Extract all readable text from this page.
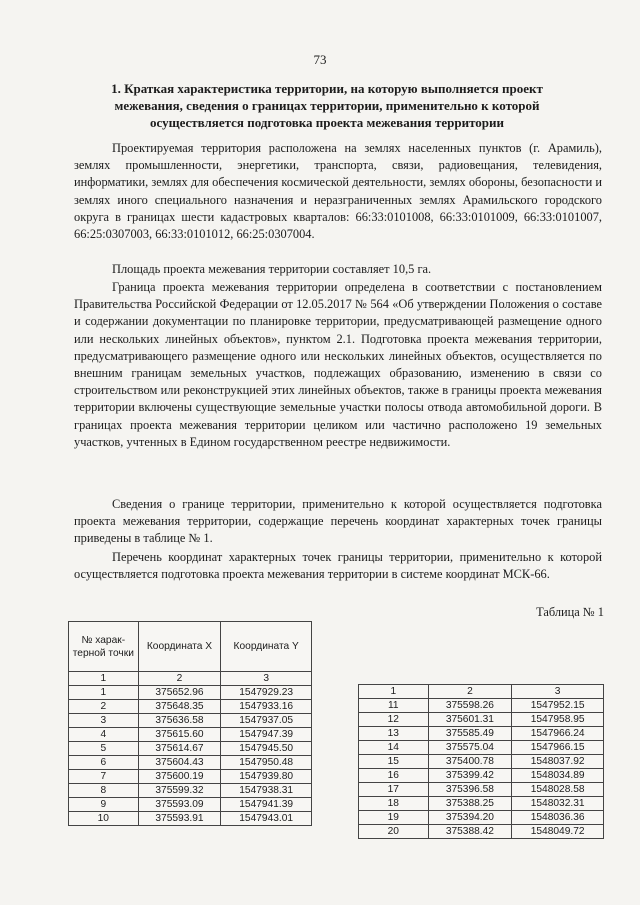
73
1. Краткая характеристика территории, на которую выполняется проект межевания, сведения о границах территории, применительно к которой осуществляется подготовка проекта межевания территории

Проектируемая территория расположена на землях населенных пунктов (г. Арамиль), землях промышленности, энергетики, транспорта, связи, радиовещания, телевидения, информатики, землях для обеспечения космической деятельности, землях обороны, безопасности и землях иного специального назначения и неразграниченных землях Арамильского городского округа в границах шести кадастровых кварталов: 66:33:0101008, 66:33:0101009, 66:33:0101007, 66:25:0307003, 66:33:0101012, 66:25:0307004.

Площадь проекта межевания территории составляет 10,5 га.

Граница проекта межевания территории определена в соответствии с постановлением Правительства Российской Федерации от 12.05.2017 № 564 «Об утверждении Положения о составе и содержании документации по планировке территории, предусматривающей размещение одного или нескольких линейных объектов», пунктом 2.1. Подготовка проекта межевания территории, предусматривающего размещение одного или нескольких линейных объектов, осуществляется по внешним границам земельных участков, подлежащих образованию, изменению в связи со строительством или реконструкцией этих линейных объектов, также в границы проекта межевания территории включены существующие земельные участки полосы отвода автомобильной дороги. В границах проекта межевания территории целиком или частично расположено 19 земельных участков, учтенных в Едином государственном реестре недвижимости.

Сведения о границе территории, применительно к которой осуществляется подготовка проекта межевания территории, содержащие перечень координат характерных точек границы приведены в таблице № 1.

Перечень координат характерных точек границы территории, применительно к которой осуществляется подготовка проекта межевания территории в системе координат МСК-66.

Таблица № 1
№ харак-терной точки	Координата X	Координата Y
1	2	3
1	375652.96	1547929.23
2	375648.35	1547933.16
3	375636.58	1547937.05
4	375615.60	1547947.39
5	375614.67	1547945.50
6	375604.43	1547950.48
7	375600.19	1547939.80
8	375599.32	1547938.31
9	375593.09	1547941.39
10	375593.91	1547943.01
1	2	3
11	375598.26	1547952.15
12	375601.31	1547958.95
13	375585.49	1547966.24
14	375575.04	1547966.15
15	375400.78	1548037.92
16	375399.42	1548034.89
17	375396.58	1548028.58
18	375388.25	1548032.31
19	375394.20	1548036.36
20	375388.42	1548049.72
